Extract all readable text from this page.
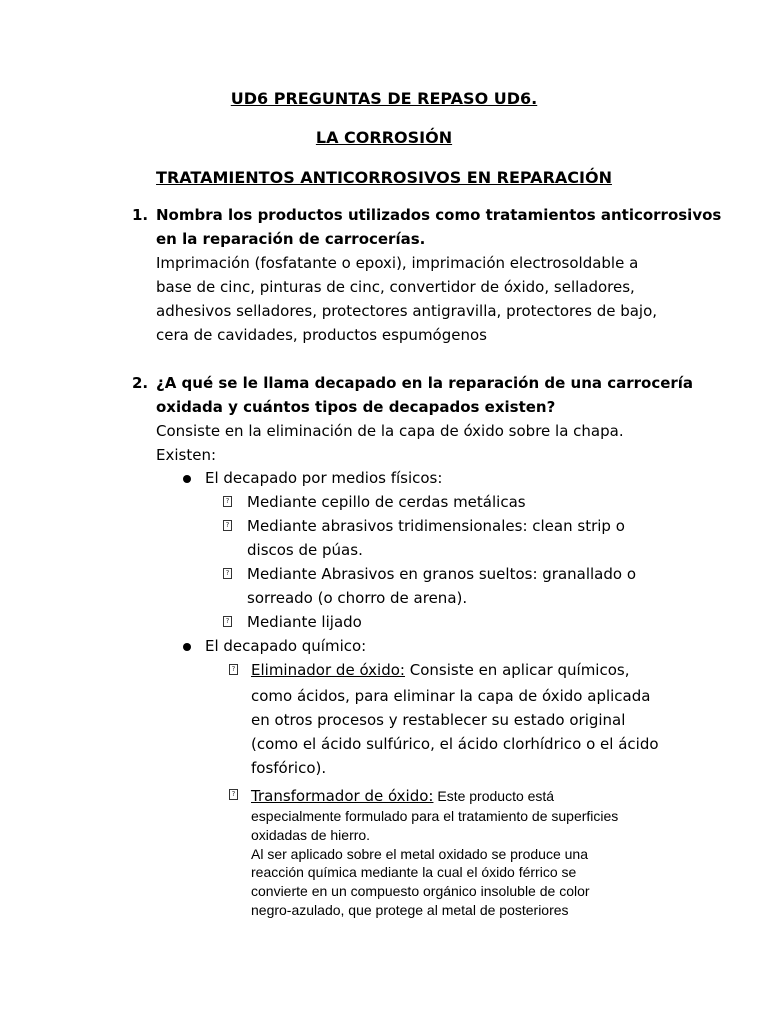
UD6 PREGUNTAS DE REPASO UD6.
LA CORROSIÓN
TRATAMIENTOS ANTICORROSIVOS EN REPARACIÓN
1. Nombra los productos utilizados como tratamientos anticorrosivos
en la reparación de carrocerías.
Imprimación (fosfatante o epoxi), imprimación electrosoldable a
base de cinc, pinturas de cinc, convertidor de óxido, selladores,
adhesivos selladores, protectores antigravilla, protectores de bajo,
cera de cavidades, productos espumógenos
2. ¿A qué se le llama decapado en la reparación de una carrocería
oxidada y cuántos tipos de decapados existen?
Consiste en la eliminación de la capa de óxido sobre la chapa.
Existen:
El decapado por medios físicos:
? Mediante cepillo de cerdas metálicas
? Mediante abrasivos tridimensionales: clean strip o
discos de púas.
? Mediante Abrasivos en granos sueltos: granallado o
sorreado (o chorro de arena).
? Mediante lijado
El decapado químico:
? Eliminador de óxido: Consiste en aplicar químicos,
como ácidos, para eliminar la capa de óxido aplicada
en otros procesos y restablecer su estado original
(como el ácido sulfúrico, el ácido clorhídrico o el ácido
fosfórico).
? Transformador de óxido: Este producto está
especialmente formulado para el tratamiento de superficies
oxidadas de hierro.
Al ser aplicado sobre el metal oxidado se produce una
reacción química mediante la cual el óxido férrico se
convierte en un compuesto orgánico insoluble de color
negro-azulado, que protege al metal de posteriores
